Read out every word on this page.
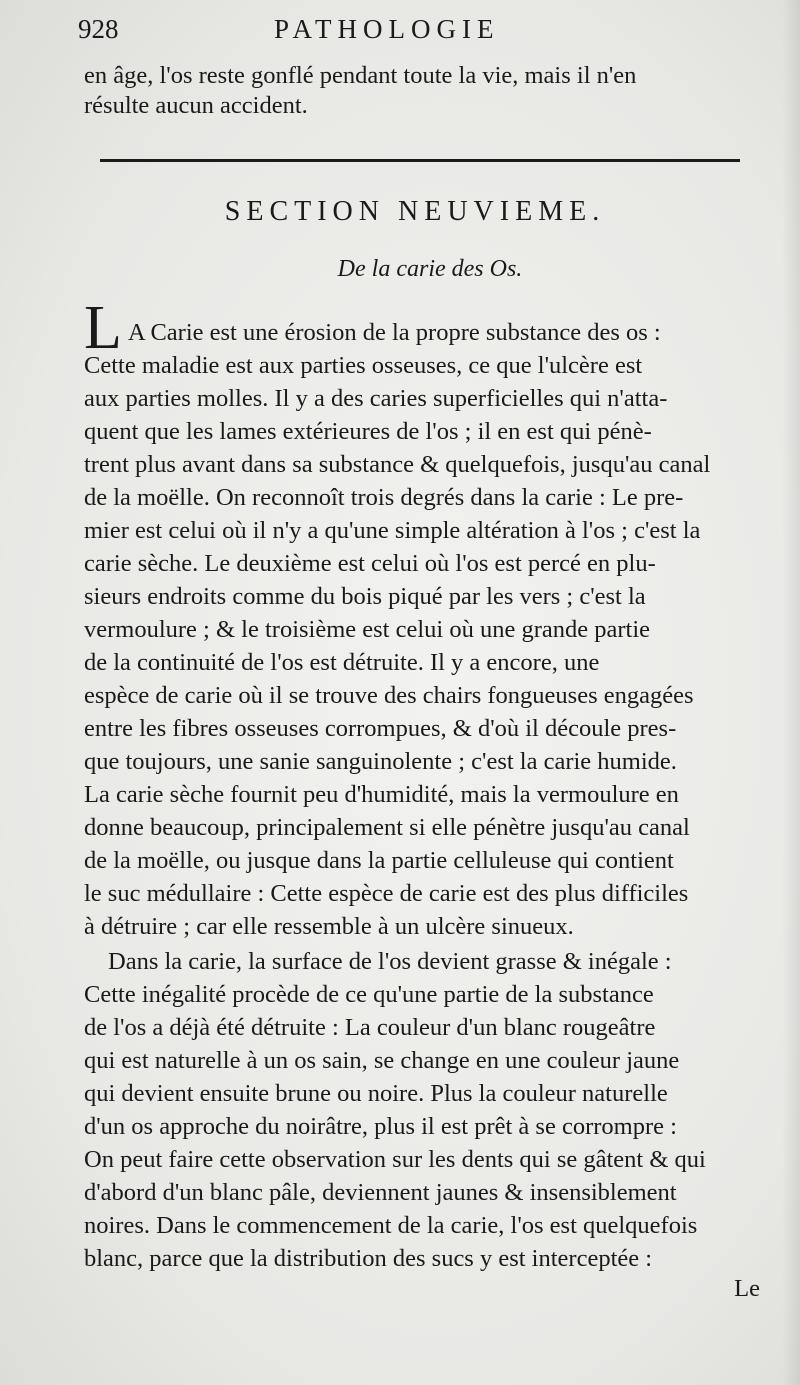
928	PATHOLOGIE
en âge, l'os reste gonflé pendant toute la vie, mais il n'en
résulte aucun accident.
SECTION NEUVIEME.
De la carie des Os.
L A Carie est une érosion de la propre substance des os :
Cette maladie est aux parties osseuses, ce que l'ulcère est
aux parties molles. Il y a des caries superficielles qui n'atta-
quent que les lames extérieures de l'os ; il en est qui pénè-
trent plus avant dans sa substance & quelquefois, jusqu'au canal
de la moëlle. On reconnoît trois degrés dans la carie : Le pre-
mier est celui où il n'y a qu'une simple altération à l'os ; c'est la
carie sèche. Le deuxième est celui où l'os est percé en plu-
sieurs endroits comme du bois piqué par les vers ; c'est la
vermoulure ; & le troisième est celui où une grande partie
de la continuité de l'os est détruite. Il y a encore, une
espèce de carie où il se trouve des chairs fongueuses engagées
entre les fibres osseuses corrompues, & d'où il découle pres-
que toujours, une sanie sanguinolente ; c'est la carie humide.
La carie sèche fournit peu d'humidité, mais la vermoulure en
donne beaucoup, principalement si elle pénètre jusqu'au canal
de la moëlle, ou jusque dans la partie celluleuse qui contient
le suc médullaire : Cette espèce de carie est des plus difficiles
à détruire ; car elle ressemble à un ulcère sinueux.
Dans la carie, la surface de l'os devient grasse & inégale :
Cette inégalité procède de ce qu'une partie de la substance
de l'os a déjà été détruite : La couleur d'un blanc rougeâtre
qui est naturelle à un os sain, se change en une couleur jaune
qui devient ensuite brune ou noire. Plus la couleur naturelle
d'un os approche du noirâtre, plus il est prêt à se corrompre :
On peut faire cette observation sur les dents qui se gâtent & qui
d'abord d'un blanc pâle, deviennent jaunes & insensiblement
noires. Dans le commencement de la carie, l'os est quelquefois
blanc, parce que la distribution des sucs y est interceptée :
Le
